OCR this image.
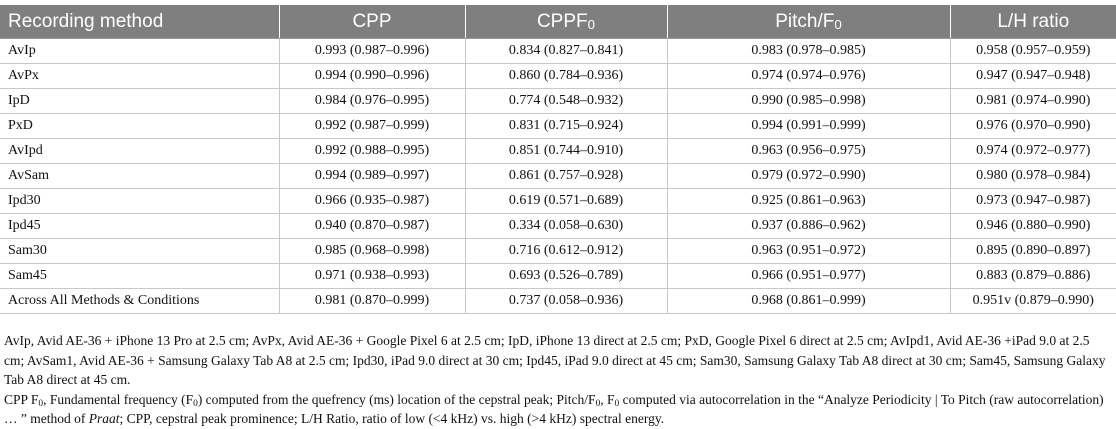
Recording method	CPP	$CPPF_0$	Pitch/$F_0$	L/H ratio
AvIp	0.993 (0.987–0.996)	0.834 (0.827–0.841)	0.983 (0.978–0.985)	0.958 (0.957–0.959)
AvPx	0.994 (0.990–0.996)	0.860 (0.784–0.936)	0.974 (0.974–0.976)	0.947 (0.947–0.948)
IpD	0.984 (0.976–0.995)	0.774 (0.548–0.932)	0.990 (0.985–0.998)	0.981 (0.974–0.990)
PxD	0.992 (0.987–0.999)	0.831 (0.715–0.924)	0.994 (0.991–0.999)	0.976 (0.970–0.990)
AvIpd	0.992 (0.988–0.995)	0.851 (0.744–0.910)	0.963 (0.956–0.975)	0.974 (0.972–0.977)
AvSam	0.994 (0.989–0.997)	0.861 (0.757–0.928)	0.979 (0.972–0.990)	0.980 (0.978–0.984)
Ipd30	0.966 (0.935–0.987)	0.619 (0.571–0.689)	0.925 (0.861–0.963)	0.973 (0.947–0.987)
Ipd45	0.940 (0.870–0.987)	0.334 (0.058–0.630)	0.937 (0.886–0.962)	0.946 (0.880–0.990)
Sam30	0.985 (0.968–0.998)	0.716 (0.612–0.912)	0.963 (0.951–0.972)	0.895 (0.890–0.897)
Sam45	0.971 (0.938–0.993)	0.693 (0.526–0.789)	0.966 (0.951–0.977)	0.883 (0.879–0.886)
Across All Methods & Conditions	0.981 (0.870–0.999)	0.737 (0.058–0.936)	0.968 (0.861–0.999)	0.951v (0.879–0.990)

AvIp, Avid AE-36 + iPhone 13 Pro at 2.5 cm; AvPx, Avid AE-36 + Google Pixel 6 at 2.5 cm; IpD, iPhone 13 direct at 2.5 cm; PxD, Google Pixel 6 direct at 2.5 cm; AvIpd1, Avid AE-36 +iPad 9.0 at 2.5 cm; AvSam1, Avid AE-36 + Samsung Galaxy Tab A8 at 2.5 cm; Ipd30, iPad 9.0 direct at 30 cm; Ipd45, iPad 9.0 direct at 45 cm; Sam30, Samsung Galaxy Tab A8 direct at 30 cm; Sam45, Samsung Galaxy Tab A8 direct at 45 cm.

CPP $F_0$, Fundamental frequency $(F_0)$ computed from the quefrency (ms) location of the cepstral peak; Pitch/$F_0$, $F_0$ computed via autocorrelation in the “Analyze Periodicity | To Pitch (raw autocorrelation) … ” method of Praat; CPP, cepstral peak prominence; L/H Ratio, ratio of low (<4 kHz) vs. high (>4 kHz) spectral energy.
